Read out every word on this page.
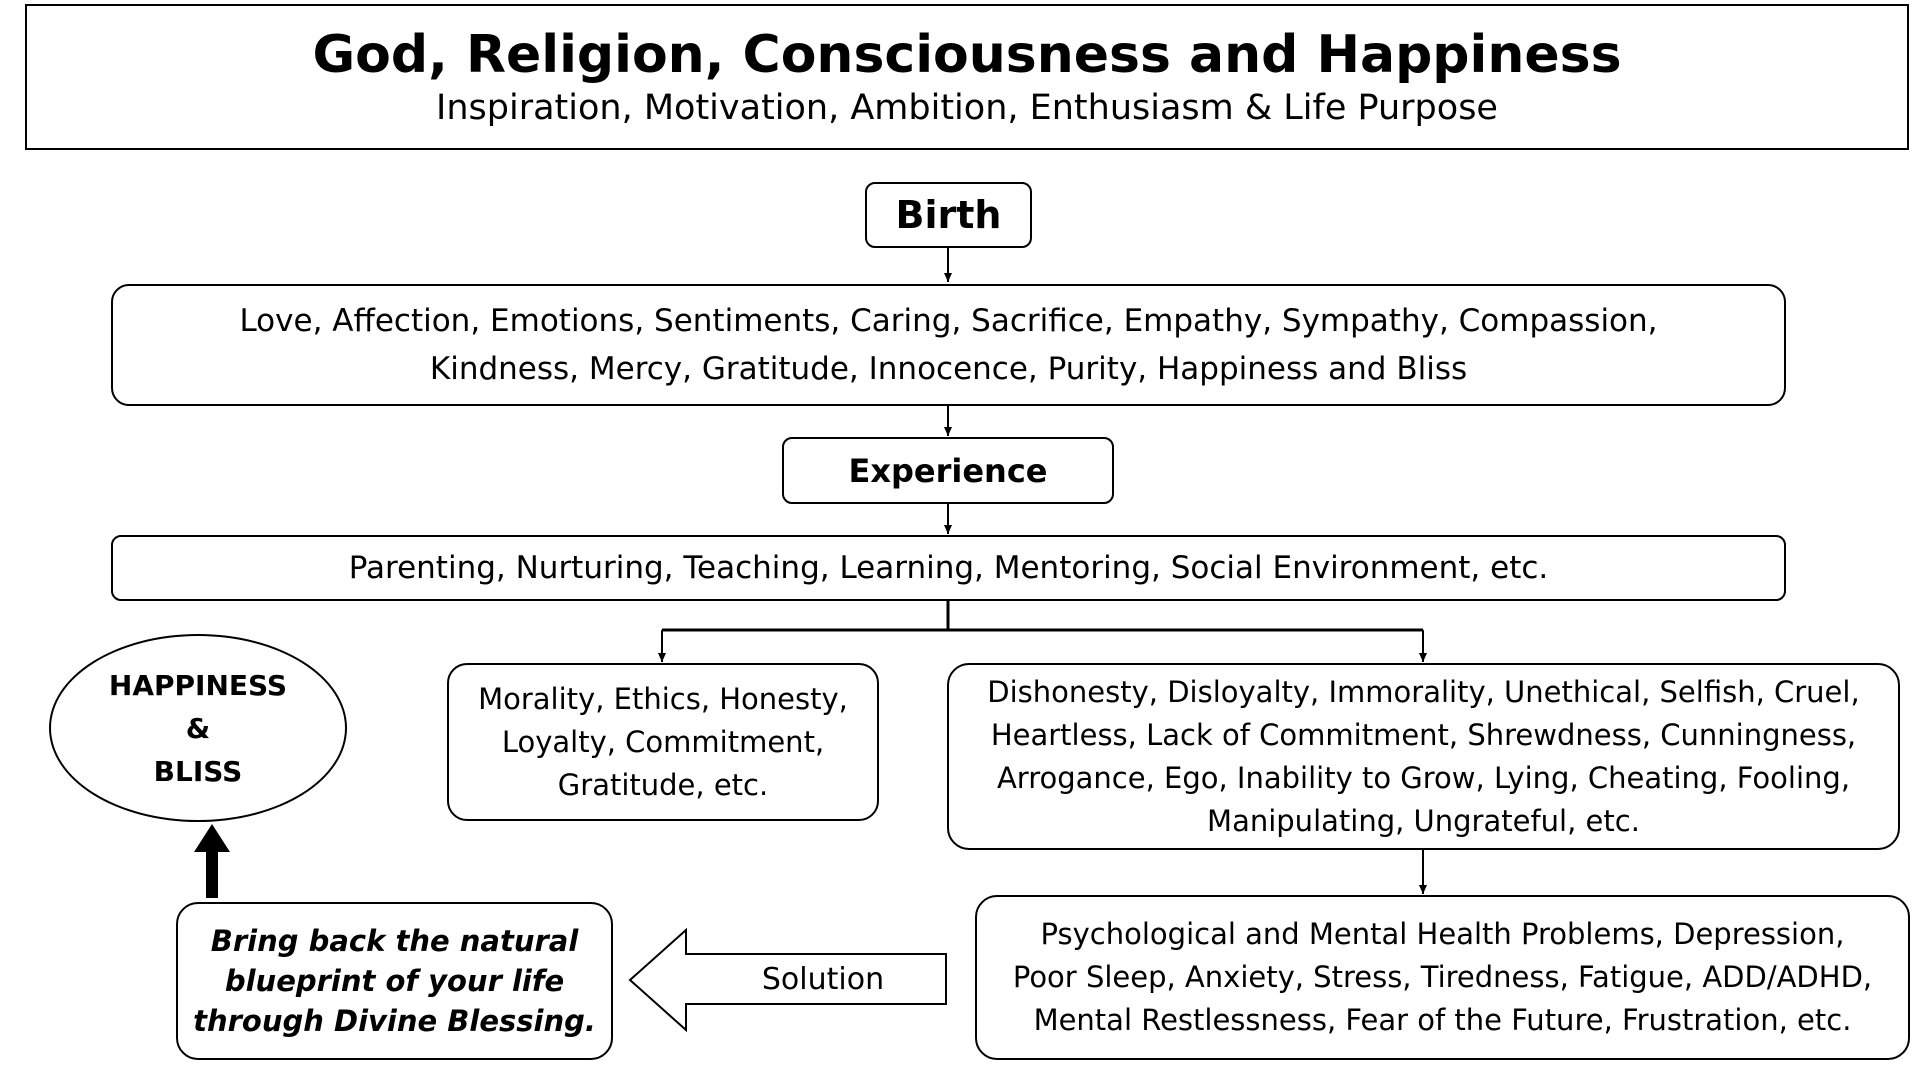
God, Religion, Consciousness and Happiness
Inspiration, Motivation, Ambition, Enthusiasm & Life Purpose
Birth
Love, Affection, Emotions, Sentiments, Caring, Sacrifice, Empathy, Sympathy, Compassion,
Kindness, Mercy, Gratitude, Innocence, Purity, Happiness and Bliss
Experience
Parenting, Nurturing, Teaching, Learning, Mentoring, Social Environment, etc.
Morality, Ethics, Honesty,
Loyalty, Commitment,
Gratitude, etc.
Dishonesty, Disloyalty, Immorality, Unethical, Selfish, Cruel,
Heartless, Lack of Commitment, Shrewdness, Cunningness,
Arrogance, Ego, Inability to Grow, Lying, Cheating, Fooling,
Manipulating, Ungrateful, etc.
Psychological and Mental Health Problems, Depression,
Poor Sleep, Anxiety, Stress, Tiredness, Fatigue, ADD/ADHD,
Mental Restlessness, Fear of the Future, Frustration, etc.
Solution
Bring back the natural
blueprint of your life
through Divine Blessing.
HAPPINESS
&
BLISS
